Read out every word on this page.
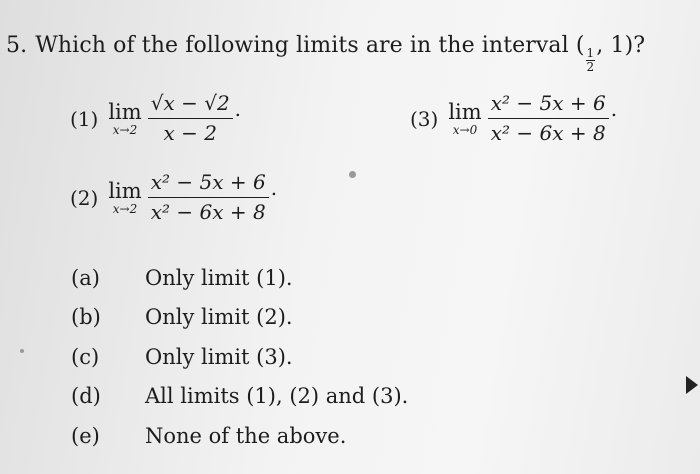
5. Which of the following limits are in the interval (
$\frac{1}{2}$
, 1)?
(1) lim
$x\to 2 \frac{√x - √2}{x - 2}$ .
(2) lim
$x\to 2 \frac{\text{x² − 5x + 6}}{\text{x² − 6x + 8}}$ .
(3) lim
$x\to 0 \frac{\text{x² − 5x + 6}}{\text{x² − 6x + 8}}$ .
(a)	Only limit (1).
(b)	Only limit (2).
(c)	Only limit (3).
(d)	All limits (1), (2) and (3).
(e)	None of the above.
